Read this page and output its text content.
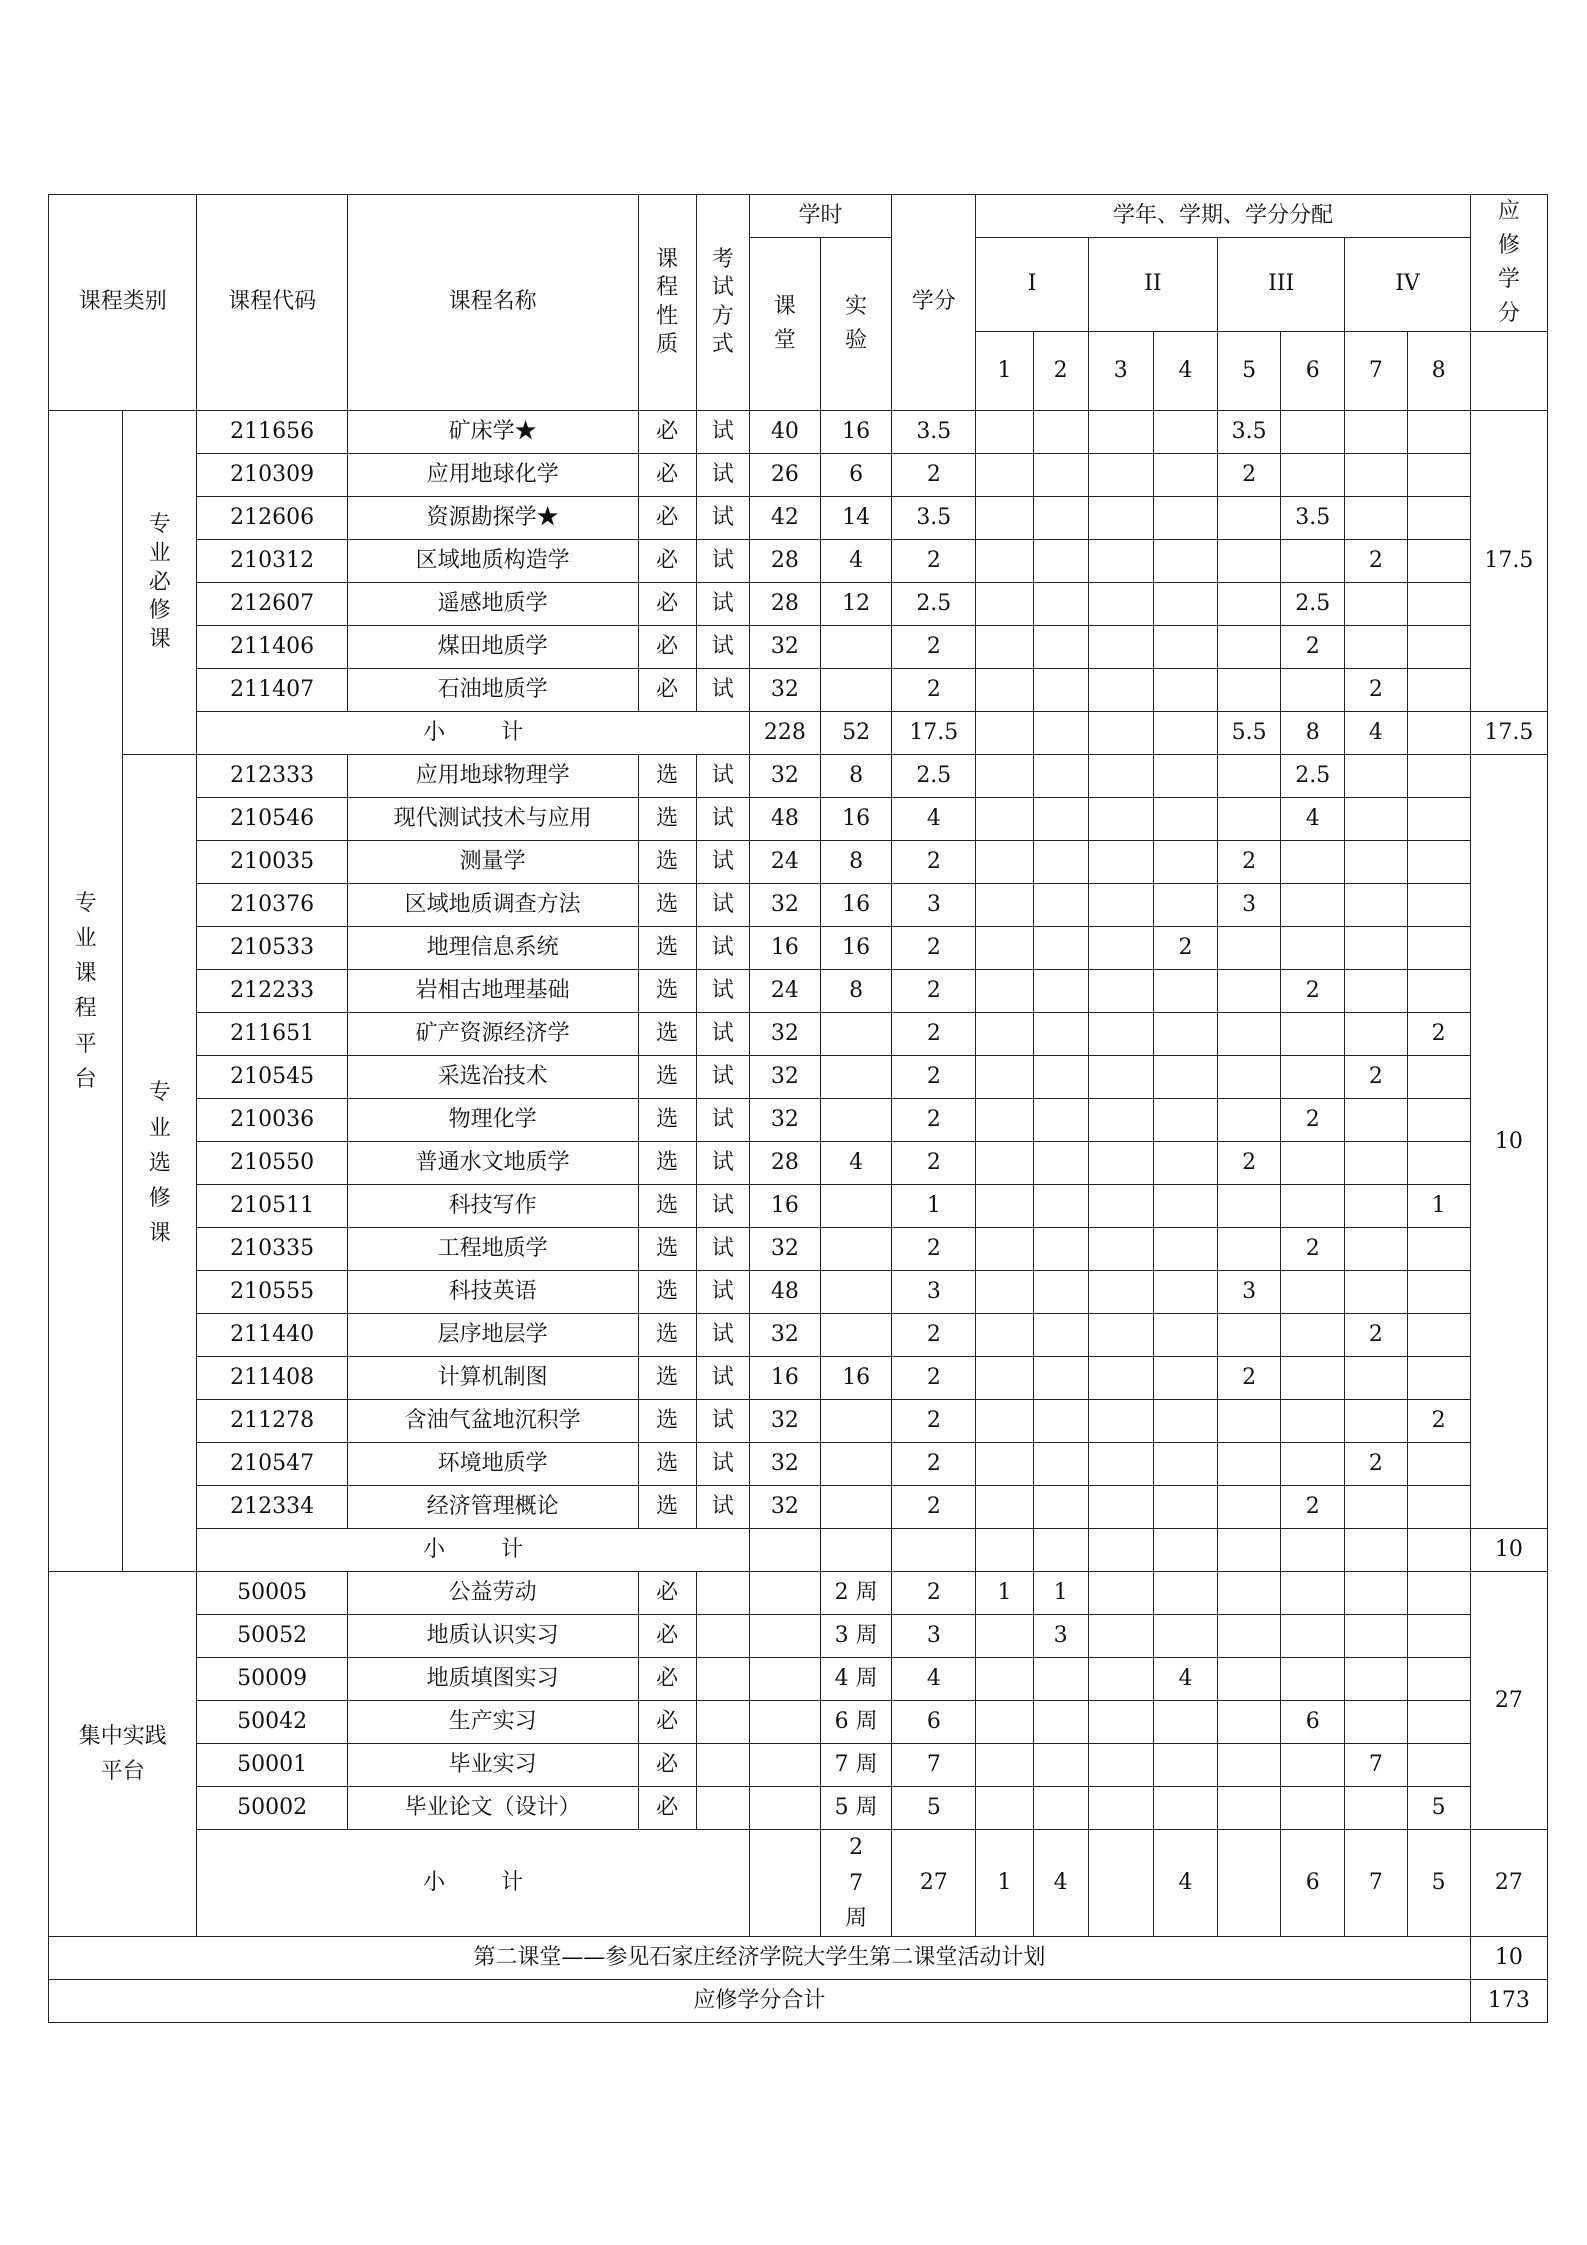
课程类别		课程代码	课程名称	课程性质	考试方式	学时		学分	学年、学期、学分分配								应修学分
						课堂	实验		I		II		III		IV		
									1	2	3	4	5	6	7	8	
专业课程平台	专业必修课	211656	矿床学★	必	试	40	16	3.5					3.5				17.5
		210309	应用地球化学	必	试	26	6	2					2				
		212606	资源勘探学★	必	试	42	14	3.5						3.5			
		210312	区域地质构造学	必	试	28	4	2							2		
		212607	遥感地质学	必	试	28	12	2.5						2.5			
		211406	煤田地质学	必	试	32		2						2			
		211407	石油地质学	必	试	32		2							2		
		小 计				228	52	17.5					5.5	8	4		17.5
	专业选修课	212333	应用地球物理学	选	试	32	8	2.5						2.5			10
		210546	现代测试技术与应用	选	试	48	16	4						4			
		210035	测量学	选	试	24	8	2					2				
		210376	区域地质调查方法	选	试	32	16	3					3				
		210533	地理信息系统	选	试	16	16	2				2					
		212233	岩相古地理基础	选	试	24	8	2						2			
		211651	矿产资源经济学	选	试	32		2								2	
		210545	采选冶技术	选	试	32		2							2		
		210036	物理化学	选	试	32		2						2			
		210550	普通水文地质学	选	试	28	4	2					2				
		210511	科技写作	选	试	16		1								1	
		210335	工程地质学	选	试	32		2						2			
		210555	科技英语	选	试	48		3					3				
		211440	层序地层学	选	试	32		2							2		
		211408	计算机制图	选	试	16	16	2					2				
		211278	含油气盆地沉积学	选	试	32		2								2	
		210547	环境地质学	选	试	32		2							2		
		212334	经济管理概论	选	试	32		2						2			
		小 计															10
集中实践平台		50005	公益劳动	必			2 周	2	1	1							27
		50052	地质认识实习	必			3 周	3		3							
		50009	地质填图实习	必			4 周	4				4					
		50042	生产实习	必			6 周	6						6			
		50001	毕业实习	必			7 周	7							7		
		50002	毕业论文（设计）	必			5 周	5								5	
		小 计					27周	27	1	4		4		6	7	5	27
第二课堂——参见石家庄经济学院大学生第二课堂活动计划																	10
应修学分合计																	173
